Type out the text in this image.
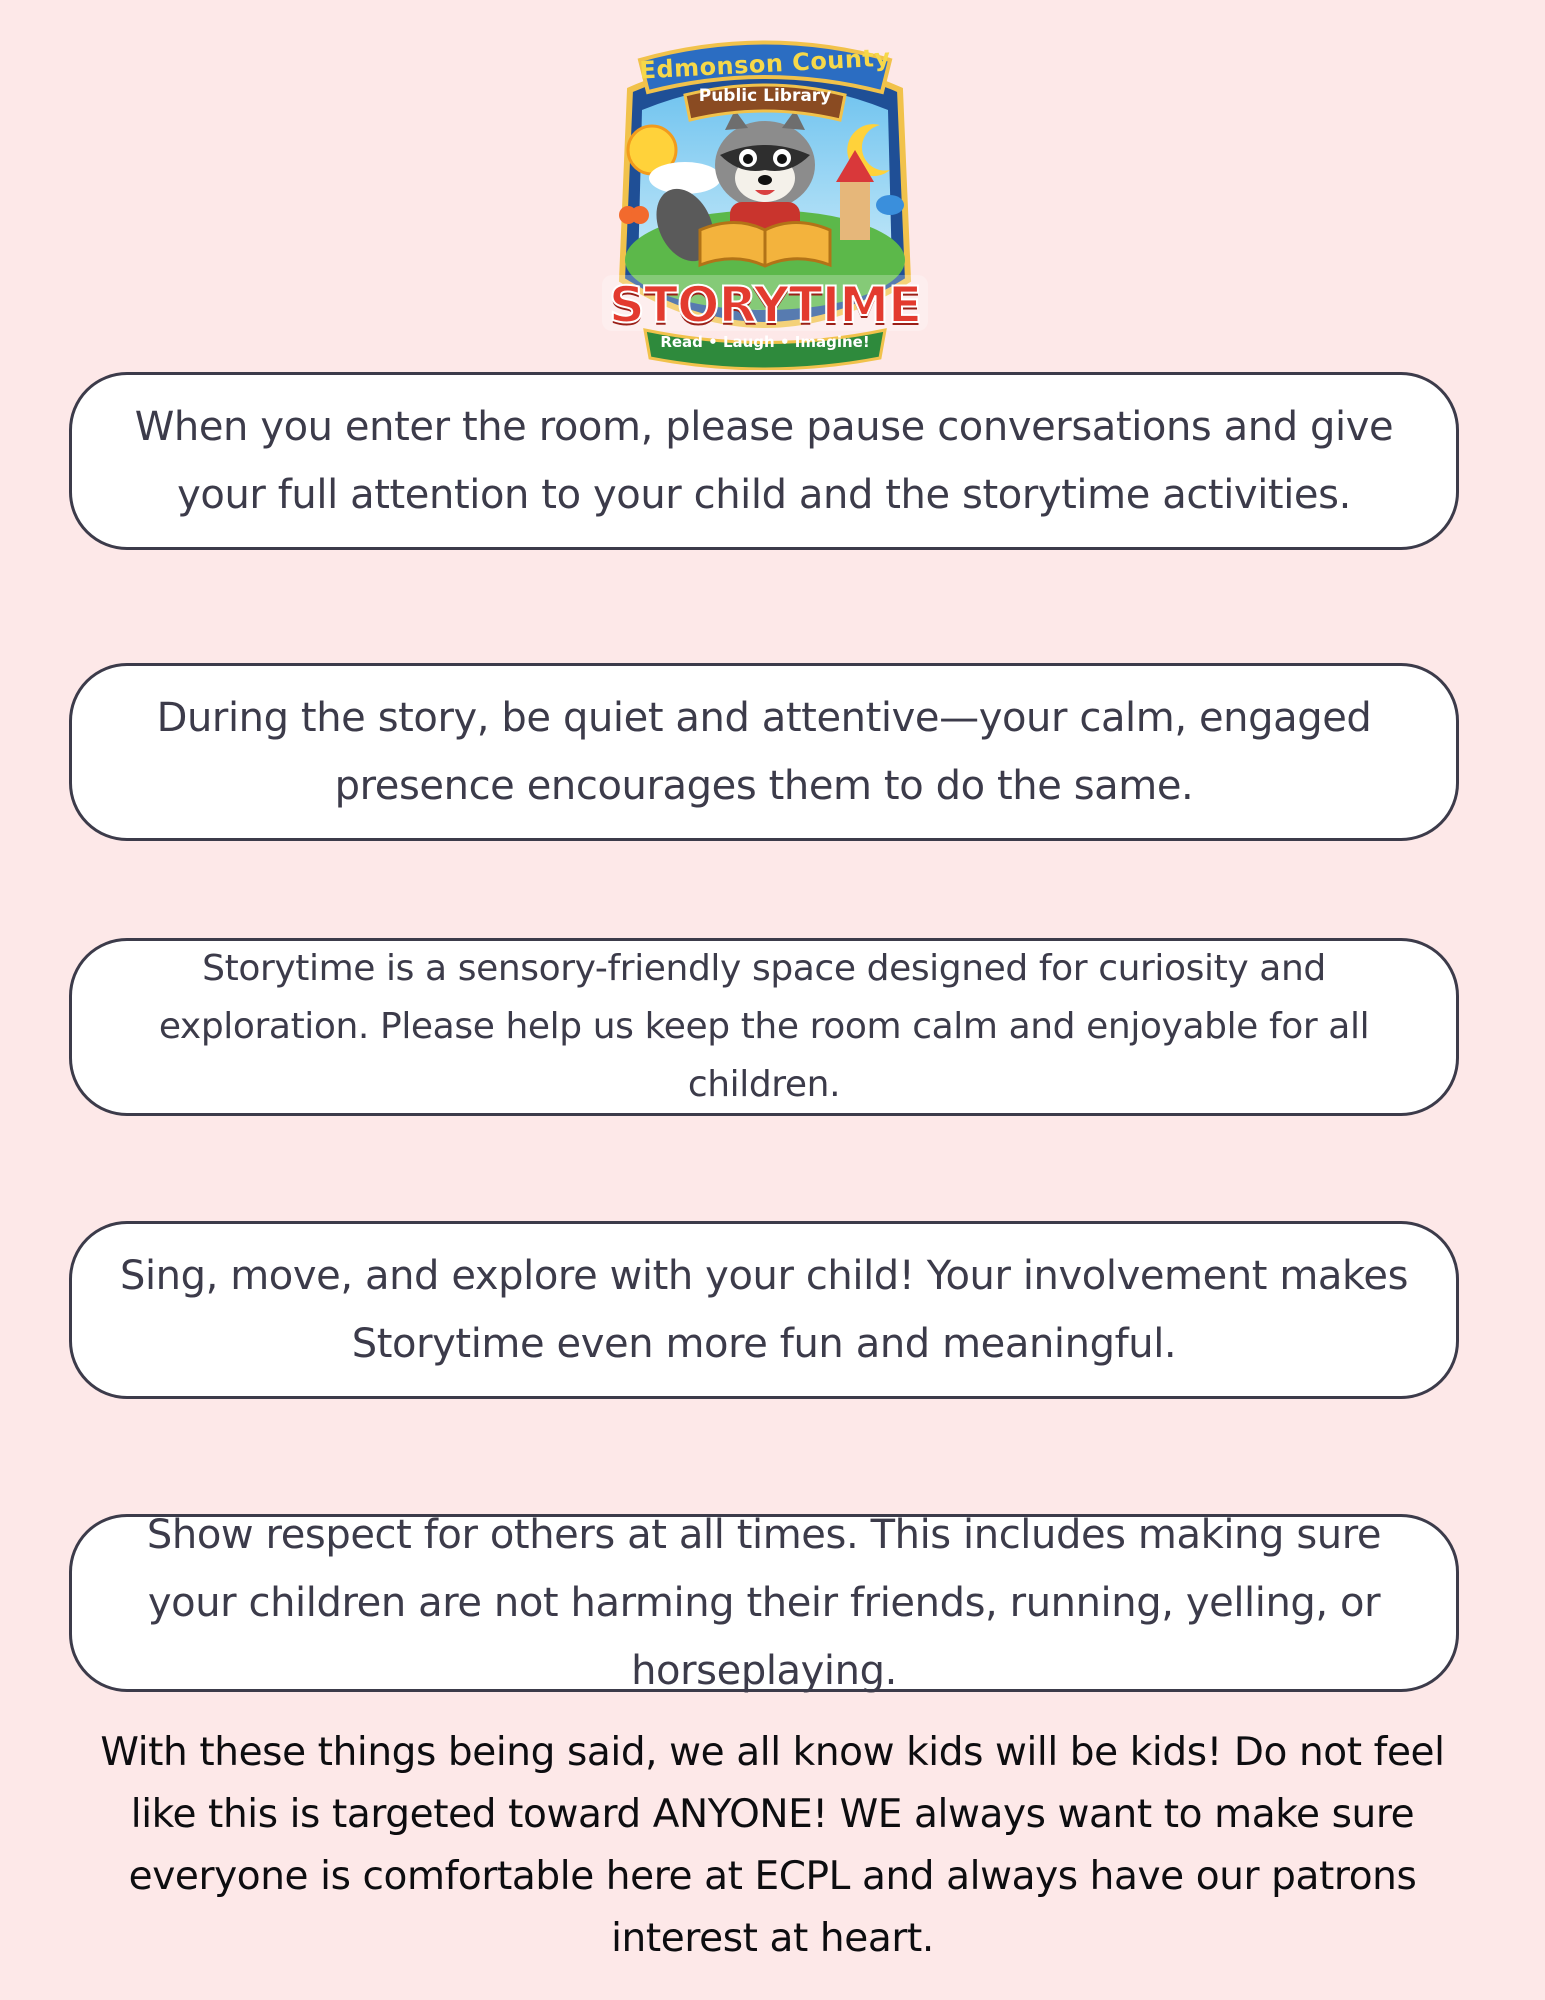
Edmonson County
Public Library
STORYTIME
Read • Laugh • Imagine!

When you enter the room, please pause conversations and give your full attention to your child and the storytime activities.

During the story, be quiet and attentive—your calm, engaged presence encourages them to do the same.

Storytime is a sensory-friendly space designed for curiosity and exploration. Please help us keep the room calm and enjoyable for all children.

Sing, move, and explore with your child! Your involvement makes Storytime even more fun and meaningful.

Show respect for others at all times. This includes making sure your children are not harming their friends, running, yelling, or horseplaying.

With these things being said, we all know kids will be kids! Do not feel like this is targeted toward ANYONE! WE always want to make sure everyone is comfortable here at ECPL and always have our patrons interest at heart.
